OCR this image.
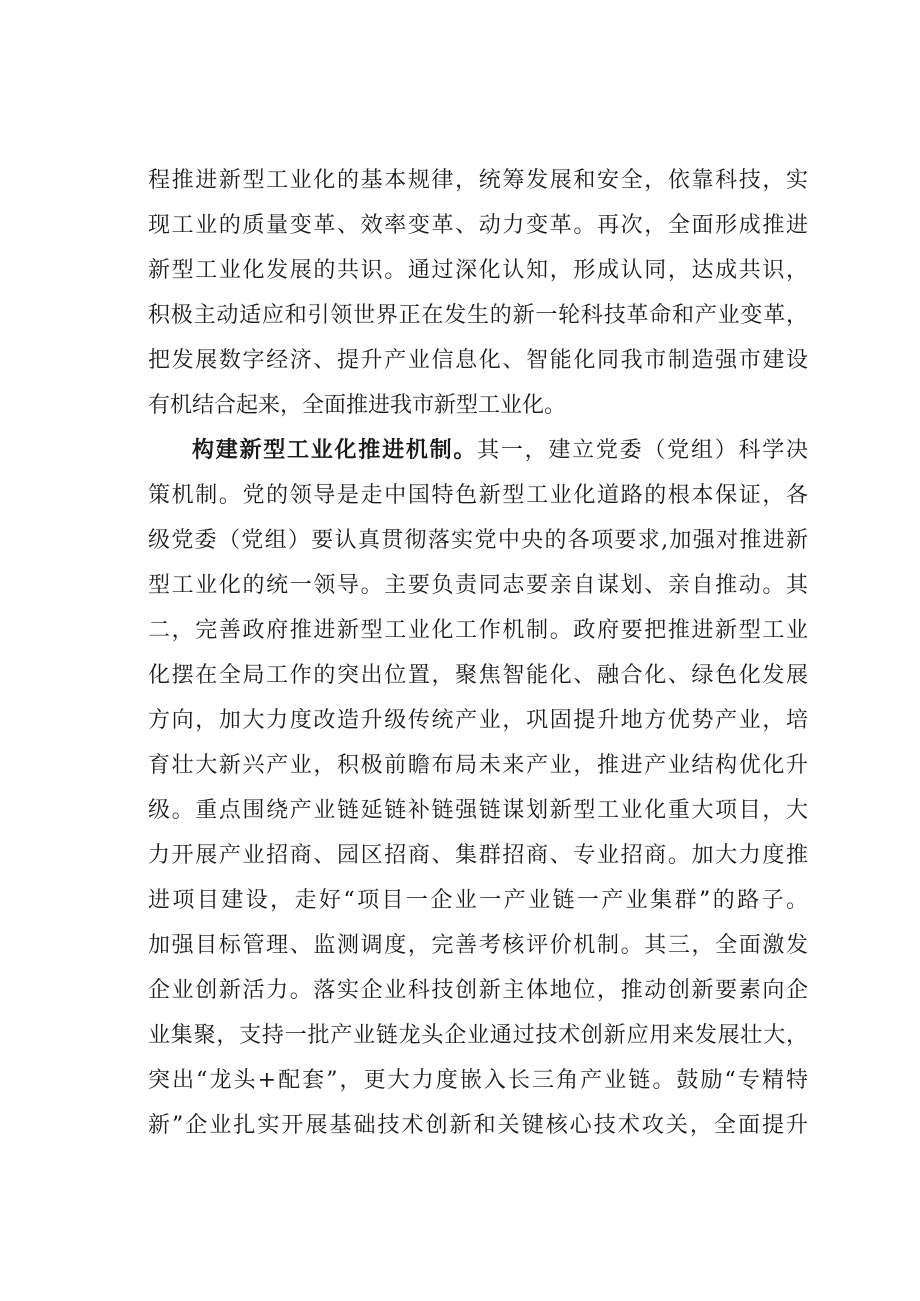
程推进新型工业化的基本规律，统筹发展和安全，依靠科技，实
现工业的质量变革、效率变革、动力变革。再次，全面形成推进
新型工业化发展的共识。通过深化认知，形成认同，达成共识，
积极主动适应和引领世界正在发生的新一轮科技革命和产业变革，
把发展数字经济、提升产业信息化、智能化同我市制造强市建设
有机结合起来，全面推进我市新型工业化。
构建新型工业化推进机制。其一，建立党委（党组）科学决
策机制。党的领导是走中国特色新型工业化道路的根本保证，各
级党委（党组）要认真贯彻落实党中央的各项要求,加强对推进新
型工业化的统一领导。主要负责同志要亲自谋划、亲自推动。其
二，完善政府推进新型工业化工作机制。政府要把推进新型工业
化摆在全局工作的突出位置，聚焦智能化、融合化、绿色化发展
方向，加大力度改造升级传统产业，巩固提升地方优势产业，培
育壮大新兴产业，积极前瞻布局未来产业，推进产业结构优化升
级。重点围绕产业链延链补链强链谋划新型工业化重大项目，大
力开展产业招商、园区招商、集群招商、专业招商。加大力度推
进项目建设，走好“项目一企业一产业链一产业集群”的路子。
加强目标管理、监测调度，完善考核评价机制。其三，全面激发
企业创新活力。落实企业科技创新主体地位，推动创新要素向企
业集聚，支持一批产业链龙头企业通过技术创新应用来发展壮大，
突出“龙头+配套”，更大力度嵌入长三角产业链。鼓励“专精特
新”企业扎实开展基础技术创新和关键核心技术攻关，全面提升
